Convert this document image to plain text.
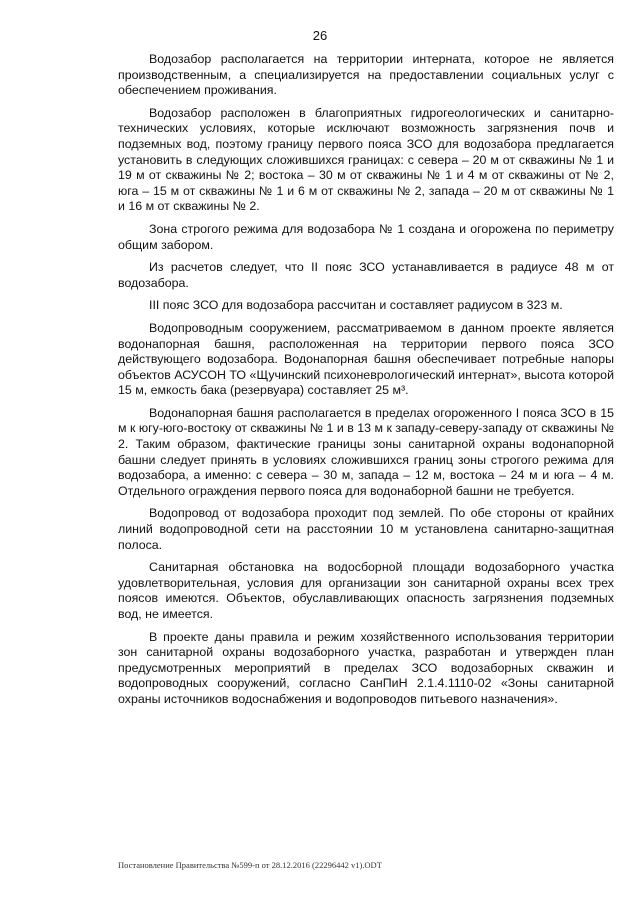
26

Водозабор располагается на территории интерната, которое не является производственным, а специализируется на предоставлении социальных услуг с обеспечением проживания.

Водозабор расположен в благоприятных гидрогеологических и санитарно-технических условиях, которые исключают возможность загрязнения почв и подземных вод, поэтому границу первого пояса ЗСО для водозабора предлагается установить в следующих сложившихся границах: с севера – 20 м от скважины № 1 и 19 м от скважины № 2; востока – 30 м от скважины № 1 и 4 м от скважины от № 2, юга – 15 м от скважины № 1 и 6 м от скважины № 2, запада – 20 м от скважины № 1 и 16 м от скважины № 2.

Зона строгого режима для водозабора № 1 создана и огорожена по периметру общим забором.

Из расчетов следует, что II пояс ЗСО устанавливается в радиусе 48 м от водозабора.

III пояс ЗСО для водозабора рассчитан и составляет радиусом в 323 м.

Водопроводным сооружением, рассматриваемом в данном проекте является водонапорная башня, расположенная на территории первого пояса ЗСО действующего водозабора. Водонапорная башня обеспечивает потребные напоры объектов АСУСОН ТО «Щучинский психоневрологический интернат», высота которой 15 м, емкость бака (резервуара) составляет 25 м³.

Водонапорная башня располагается в пределах огороженного I пояса ЗСО в 15 м к югу-юго-востоку от скважины № 1 и в 13 м к западу-северу-западу от скважины № 2. Таким образом, фактические границы зоны санитарной охраны водонапорной башни следует принять в условиях сложившихся границ зоны строгого режима для водозабора, а именно: с севера – 30 м, запада – 12 м, востока – 24 м и юга – 4 м. Отдельного ограждения первого пояса для водонаборной башни не требуется.

Водопровод от водозабора проходит под землей. По обе стороны от крайних линий водопроводной сети на расстоянии 10 м установлена санитарно-защитная полоса.

Санитарная обстановка на водосборной площади водозаборного участка удовлетворительная, условия для организации зон санитарной охраны всех трех поясов имеются. Объектов, обуславливающих опасность загрязнения подземных вод, не имеется.

В проекте даны правила и режим хозяйственного использования территории зон санитарной охраны водозаборного участка, разработан и утвержден план предусмотренных мероприятий в пределах ЗСО водозаборных скважин и водопроводных сооружений, согласно СанПиН 2.1.4.1110-02 «Зоны санитарной охраны источников водоснабжения и водопроводов питьевого назначения».

Постановление Правительства №599-п от 28.12.2016 (22296442 v1).ODT
